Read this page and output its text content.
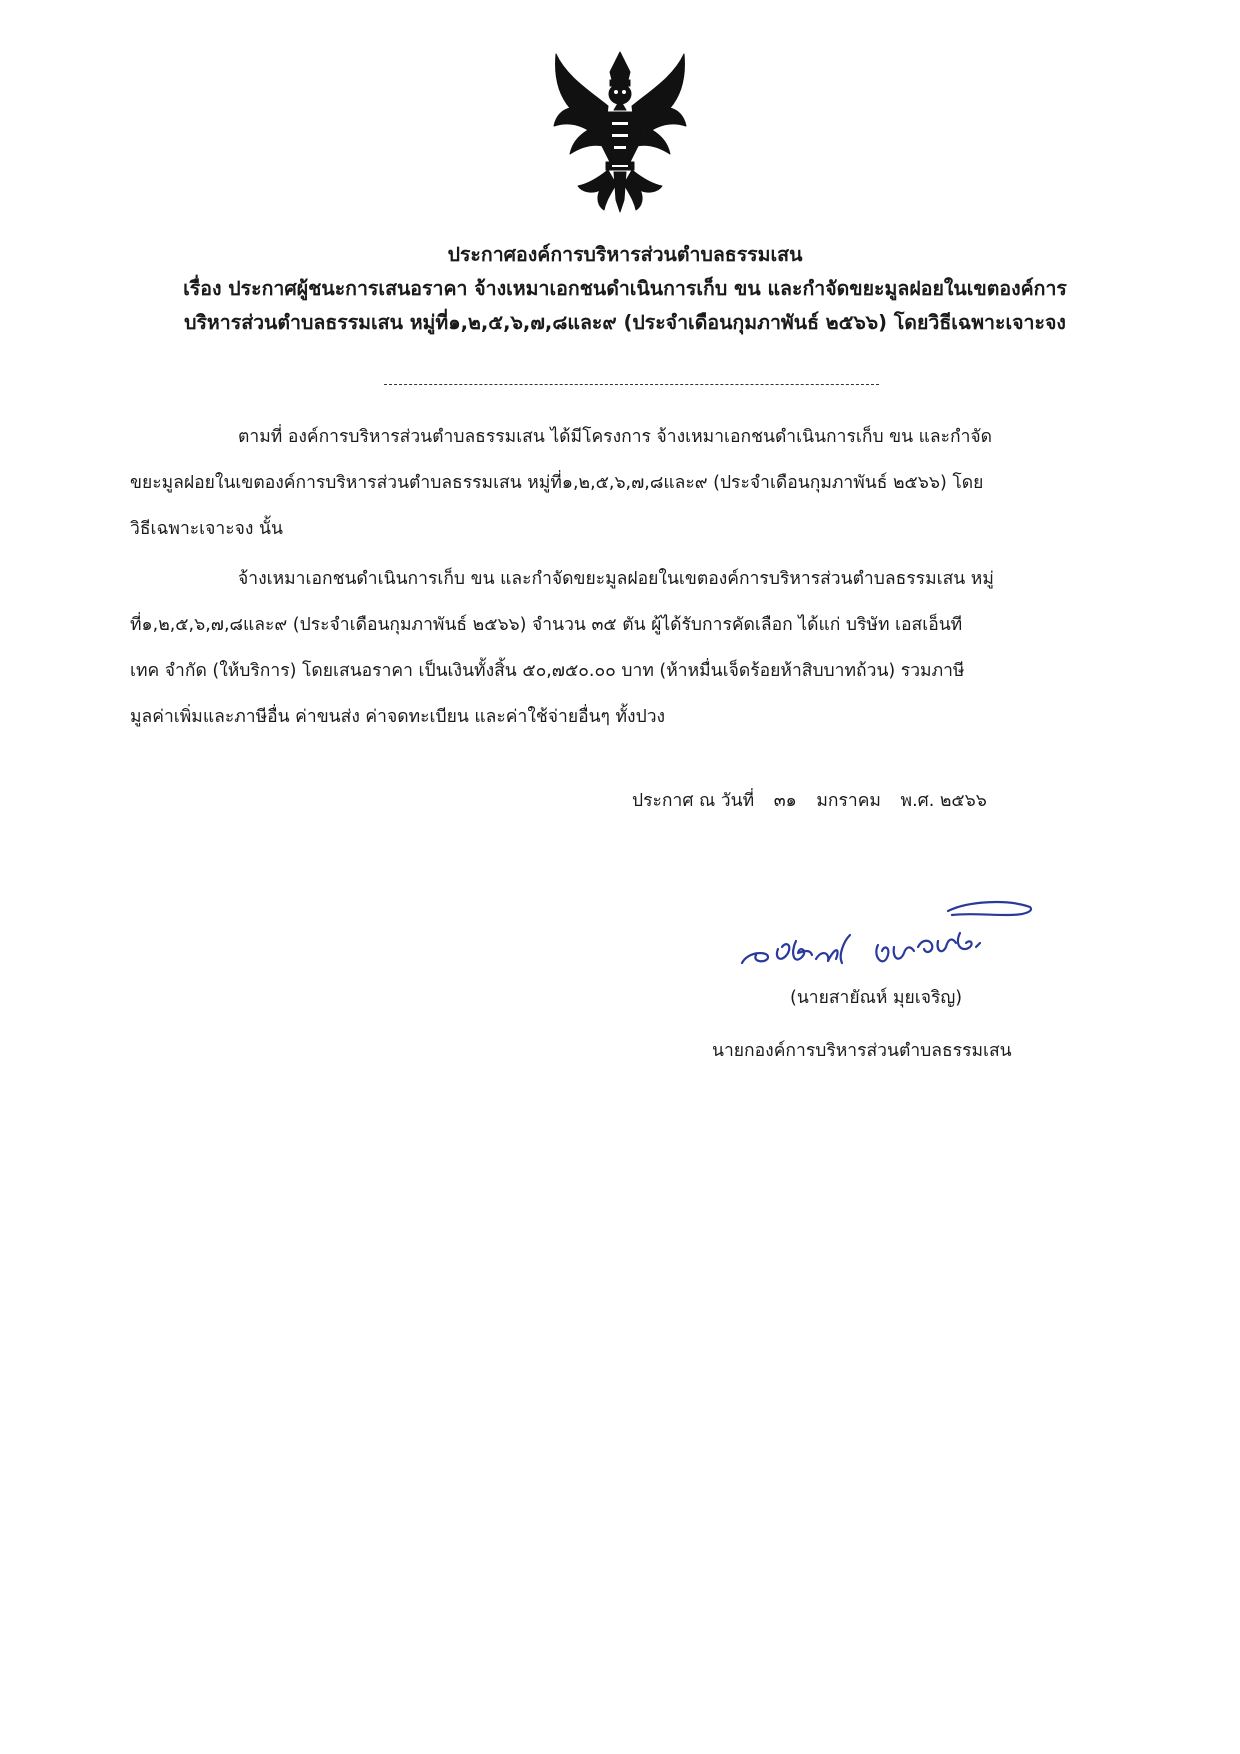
ประกาศองค์การบริหารส่วนตำบลธรรมเสน
เรื่อง ประกาศผู้ชนะการเสนอราคา จ้างเหมาเอกชนดำเนินการเก็บ ขน และกำจัดขยะมูลฝอยในเขตองค์การ
บริหารส่วนตำบลธรรมเสน หมู่ที่๑,๒,๕,๖,๗,๘และ๙ (ประจำเดือนกุมภาพันธ์ ๒๕๖๖) โดยวิธีเฉพาะเจาะจง
ตามที่ องค์การบริหารส่วนตำบลธรรมเสน ได้มีโครงการ จ้างเหมาเอกชนดำเนินการเก็บ ขน และกำจัด
ขยะมูลฝอยในเขตองค์การบริหารส่วนตำบลธรรมเสน หมู่ที่๑,๒,๕,๖,๗,๘และ๙ (ประจำเดือนกุมภาพันธ์ ๒๕๖๖) โดย
วิธีเฉพาะเจาะจง นั้น
จ้างเหมาเอกชนดำเนินการเก็บ ขน และกำจัดขยะมูลฝอยในเขตองค์การบริหารส่วนตำบลธรรมเสน หมู่
ที่๑,๒,๕,๖,๗,๘และ๙ (ประจำเดือนกุมภาพันธ์ ๒๕๖๖) จำนวน ๓๕ ตัน ผู้ได้รับการคัดเลือก ได้แก่ บริษัท เอสเอ็นที
เทค จำกัด (ให้บริการ) โดยเสนอราคา เป็นเงินทั้งสิ้น ๕๐,๗๕๐.๐๐ บาท (ห้าหมื่นเจ็ดร้อยห้าสิบบาทถ้วน) รวมภาษี
มูลค่าเพิ่มและภาษีอื่น ค่าขนส่ง ค่าจดทะเบียน และค่าใช้จ่ายอื่นๆ ทั้งปวง
ประกาศ ณ วันที่ ๓๑ มกราคม พ.ศ. ๒๕๖๖
(นายสายัณห์ มุยเจริญ)
นายกองค์การบริหารส่วนตำบลธรรมเสน
